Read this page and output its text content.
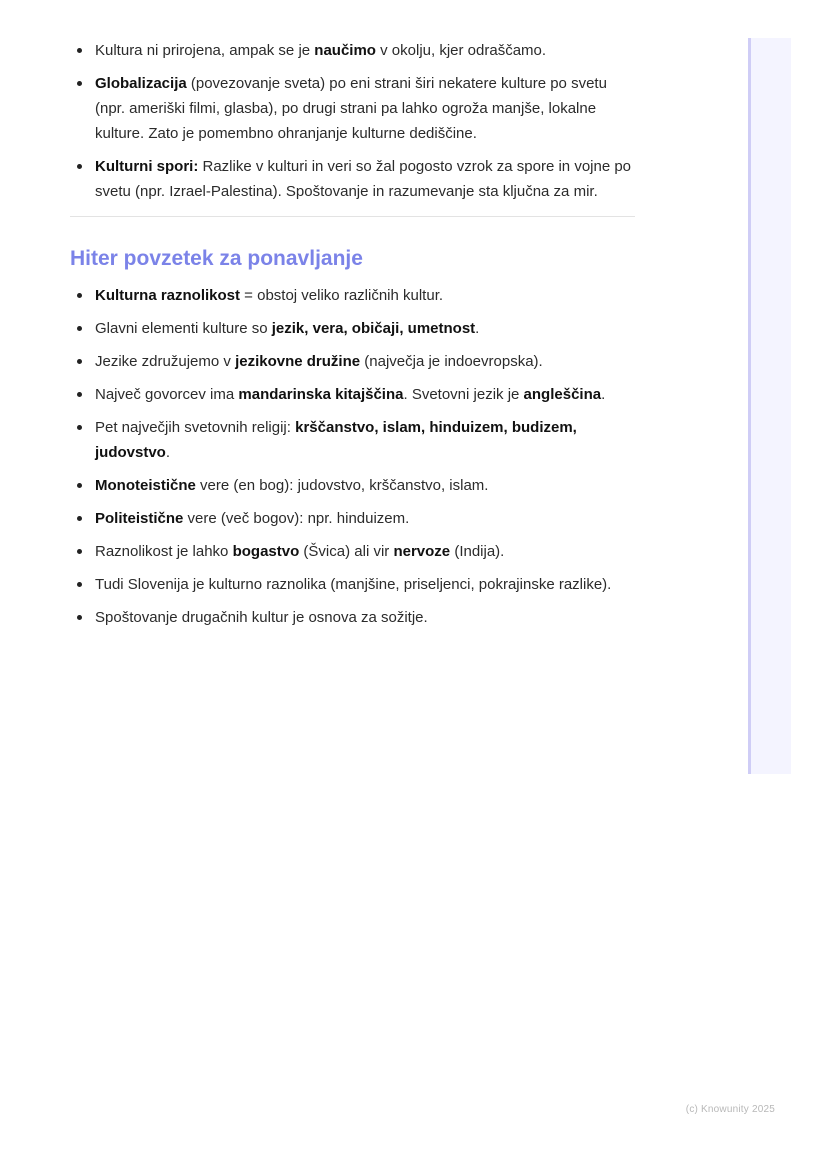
Kultura ni prirojena, ampak se je naučimo v okolju, kjer odraščamo.
Globalizacija (povezovanje sveta) po eni strani širi nekatere kulture po svetu (npr. ameriški filmi, glasba), po drugi strani pa lahko ogroža manjše, lokalne kulture. Zato je pomembno ohranjanje kulturne dediščine.
Kulturni spori: Razlike v kulturi in veri so žal pogosto vzrok za spore in vojne po svetu (npr. Izrael-Palestina). Spoštovanje in razumevanje sta ključna za mir.
Hiter povzetek za ponavljanje
Kulturna raznolikost = obstoj veliko različnih kultur.
Glavni elementi kulture so jezik, vera, običaji, umetnost.
Jezike združujemo v jezikovne družine (največja je indoevropska).
Največ govorcev ima mandarinska kitajščina. Svetovni jezik je angleščina.
Pet največjih svetovnih religij: krščanstvo, islam, hinduizem, budizem, judovstvo.
Monoteistične vere (en bog): judovstvo, krščanstvo, islam.
Politeistične vere (več bogov): npr. hinduizem.
Raznolikost je lahko bogastvo (Švica) ali vir nervoze (Indija).
Tudi Slovenija je kulturno raznolika (manjšine, priseljenci, pokrajinske razlike).
Spoštovanje drugačnih kultur je osnova za sožitje.
(c) Knowunity 2025
